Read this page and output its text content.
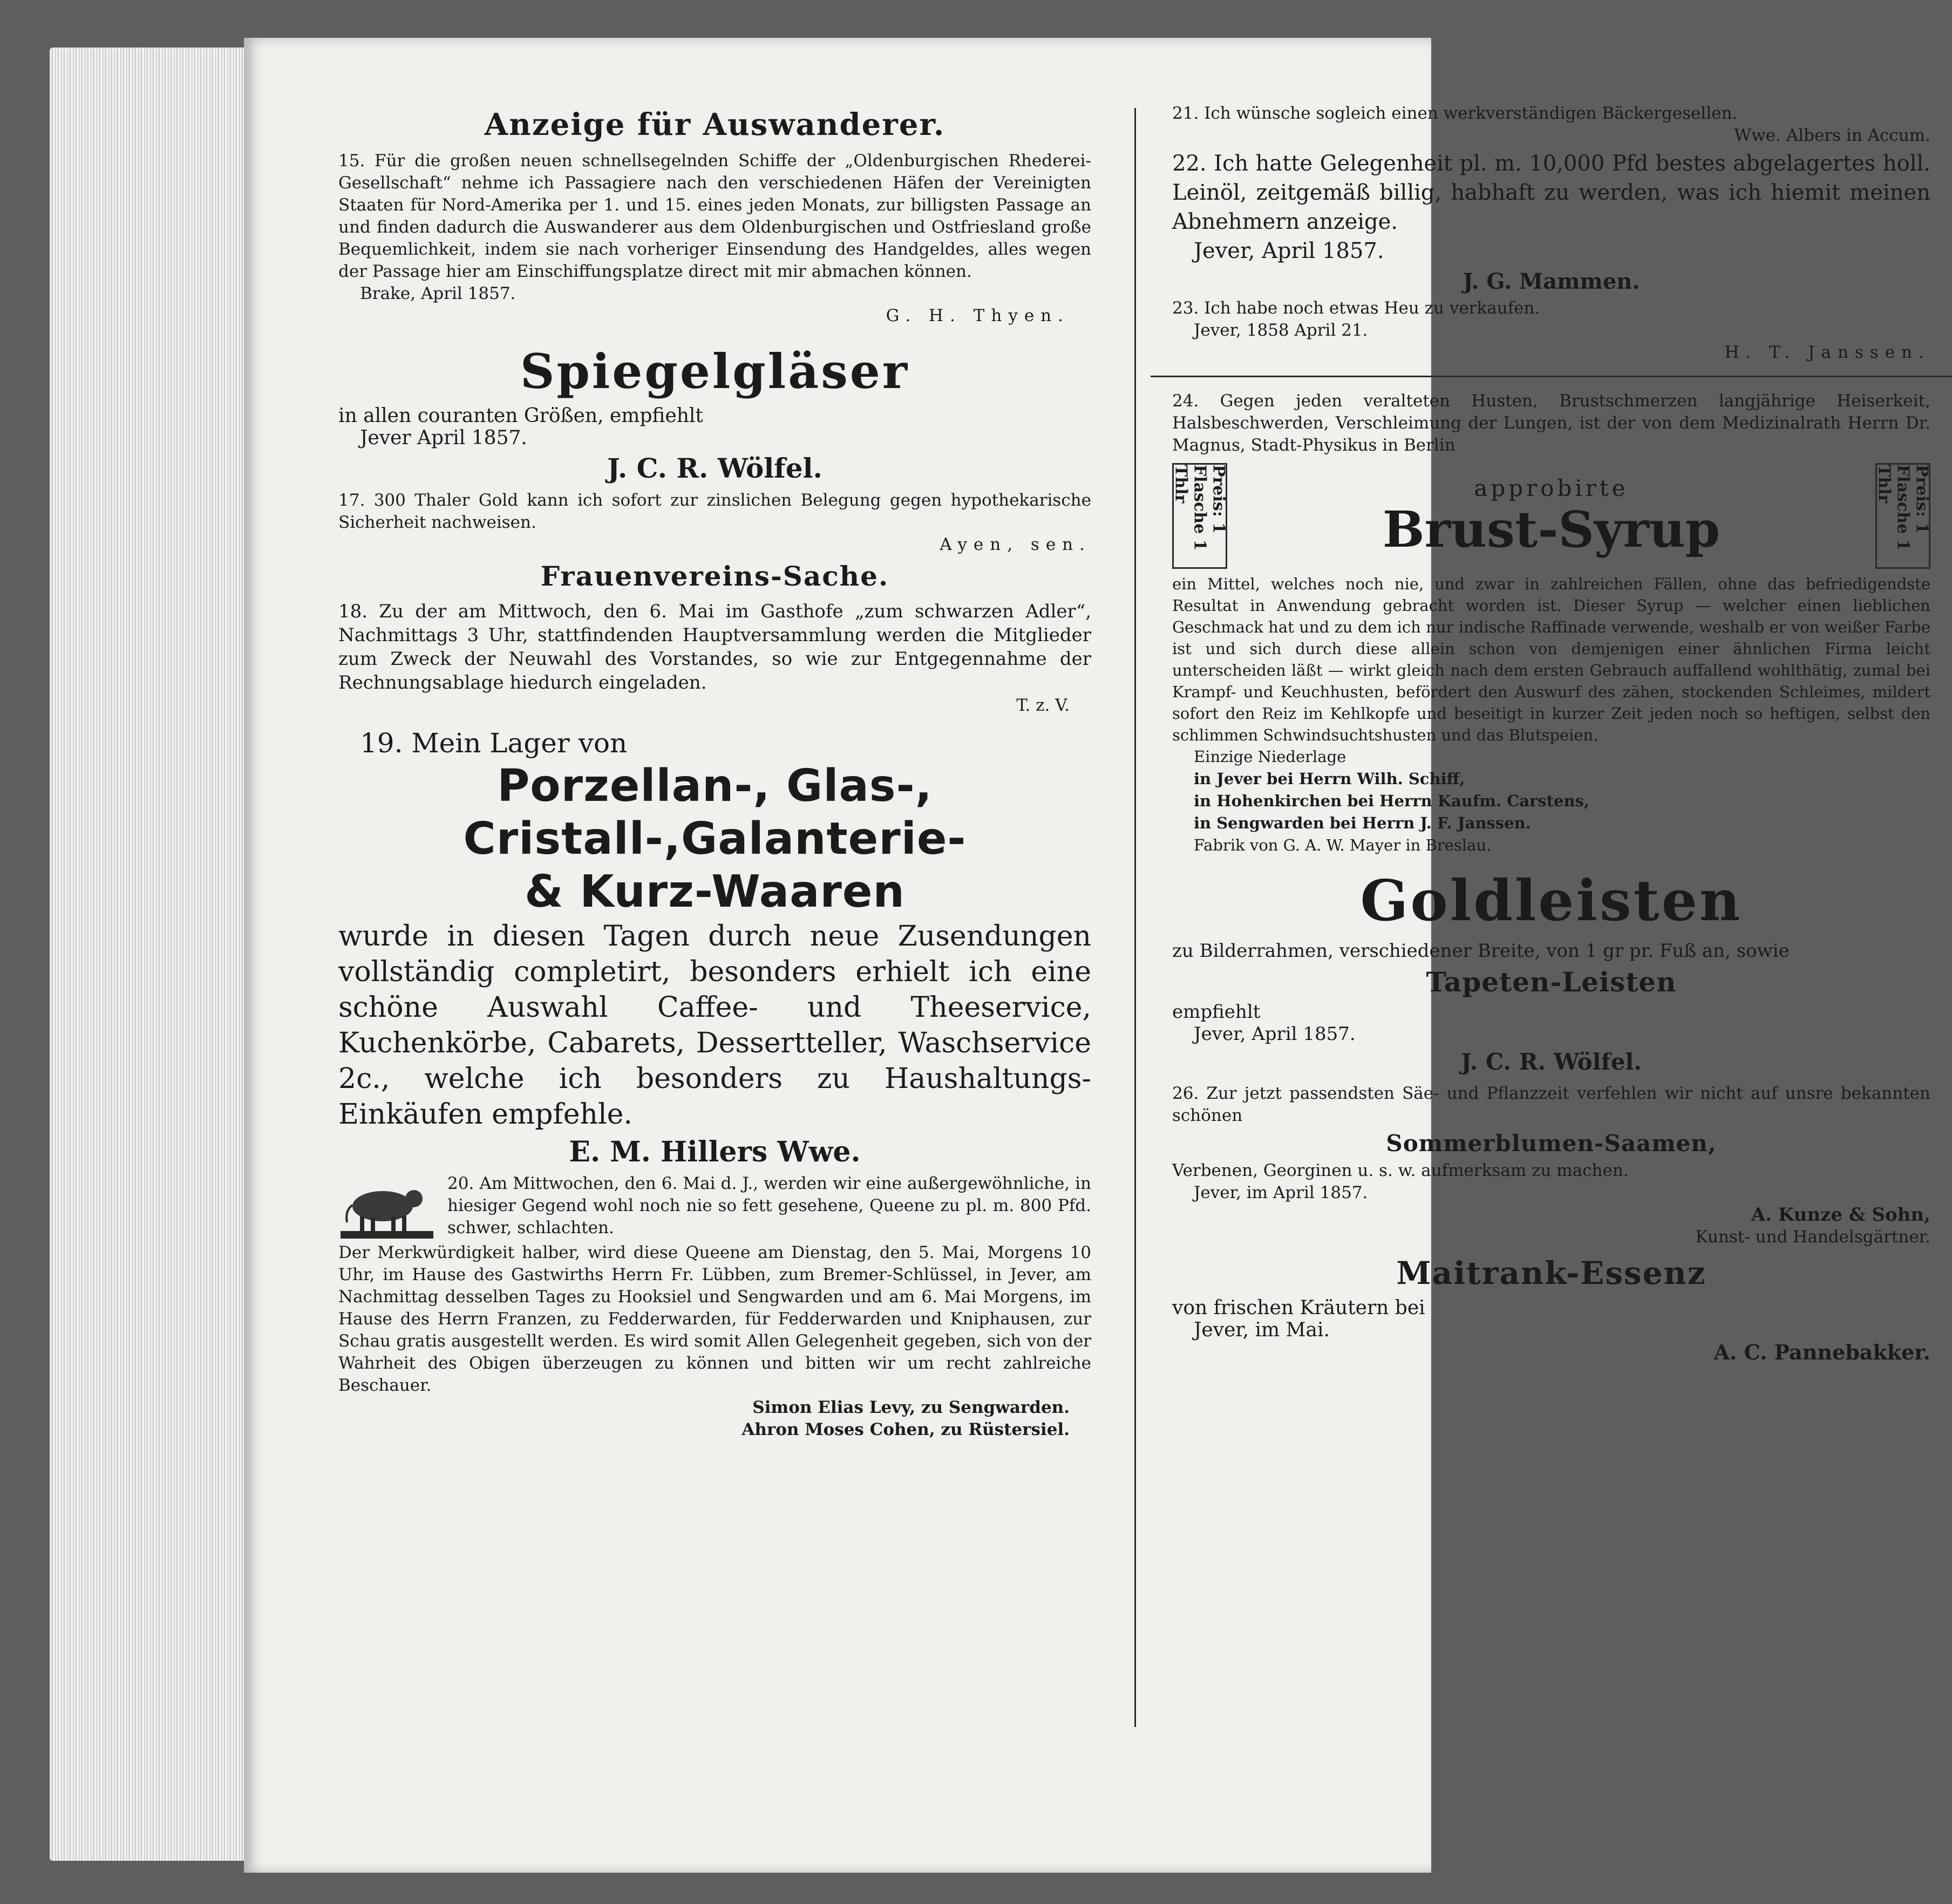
Anzeige für Auswanderer.

15. Für die großen neuen schnellsegelnden Schiffe der „Oldenburgischen Rhederei-Gesellschaft“ nehme ich Passagiere nach den verschiedenen Häfen der Vereinigten Staaten für Nord-Amerika per 1. und 15. eines jeden Monats, zur billigsten Passage an und finden dadurch die Auswanderer aus dem Oldenburgischen und Ostfriesland große Bequemlichkeit, indem sie nach vorheriger Einsendung des Handgeldes, alles wegen der Passage hier am Einschiffungsplatze direct mit mir abmachen können.

Brake, April 1857.

G. H. Thyen.

Spiegelgläser

in allen couranten Größen, empfiehlt

Jever April 1857.

J. C. R. Wölfel.

17. 300 Thaler Gold kann ich sofort zur zinslichen Belegung gegen hypothekarische Sicherheit nachweisen.

Ayen, sen.

Frauenvereins-Sache.

18. Zu der am Mittwoch, den 6. Mai im Gasthofe „zum schwarzen Adler“, Nachmittags 3 Uhr, stattfindenden Hauptversammlung werden die Mitglieder zum Zweck der Neuwahl des Vorstandes, so wie zur Entgegennahme der Rechnungsablage hiedurch eingeladen.

T. z. V.

19. Mein Lager von

Porzellan-, Glas-,
Cristall-,Galanterie-
& Kurz-Waaren

wurde in diesen Tagen durch neue Zusendungen vollständig completirt, besonders erhielt ich eine schöne Auswahl Caffee- und Theeservice, Kuchenkörbe, Cabarets, Dessertteller, Waschservice 2c., welche ich besonders zu Haushaltungs-Einkäufen empfehle.

E. M. Hillers Wwe.

20. Am Mittwochen, den 6. Mai d. J., werden wir eine außergewöhnliche, in hiesiger Gegend wohl noch nie so fett gesehene, Queene zu pl. m. 800 Pfd. schwer, schlachten.

Der Merkwürdigkeit halber, wird diese Queene am Dienstag, den 5. Mai, Morgens 10 Uhr, im Hause des Gastwirths Herrn Fr. Lübben, zum Bremer-Schlüssel, in Jever, am Nachmittag desselben Tages zu Hooksiel und Sengwarden und am 6. Mai Morgens, im Hause des Herrn Franzen, zu Fedderwarden, für Fedderwarden und Kniphausen, zur Schau gratis ausgestellt werden. Es wird somit Allen Gelegenheit gegeben, sich von der Wahrheit des Obigen überzeugen zu können und bitten wir um recht zahlreiche Beschauer.

Simon Elias Levy, zu Sengwarden.

Ahron Moses Cohen, zu Rüstersiel.

21. Ich wünsche sogleich einen werkverständigen Bäckergesellen.

Wwe. Albers in Accum.

22. Ich hatte Gelegenheit pl. m. 10,000 Pfd bestes abgelagertes holl. Leinöl, zeitgemäß billig, habhaft zu werden, was ich hiemit meinen Abnehmern anzeige.

Jever, April 1857.

J. G. Mammen.

23. Ich habe noch etwas Heu zu verkaufen.

Jever, 1858 April 21.

H. T. Janssen.

24. Gegen jeden veralteten Husten, Brustschmerzen langjährige Heiserkeit, Halsbeschwerden, Verschleimung der Lungen, ist der von dem Medizinalrath Herrn Dr. Magnus, Stadt-Physikus in Berlin

Preis: 1 Flasche 1 Thlr	approbirte
Brust-Syrup	Preis: 1 Flasche 1 Thlr

ein Mittel, welches noch nie, und zwar in zahlreichen Fällen, ohne das befriedigendste Resultat in Anwendung gebracht worden ist. Dieser Syrup — welcher einen lieblichen Geschmack hat und zu dem ich nur indische Raffinade verwende, weshalb er von weißer Farbe ist und sich durch diese allein schon von demjenigen einer ähnlichen Firma leicht unterscheiden läßt — wirkt gleich nach dem ersten Gebrauch auffallend wohlthätig, zumal bei Krampf- und Keuchhusten, befördert den Auswurf des zähen, stockenden Schleimes, mildert sofort den Reiz im Kehlkopfe und beseitigt in kurzer Zeit jeden noch so heftigen, selbst den schlimmen Schwindsuchtshusten und das Blutspeien.

Einzige Niederlage

in Jever bei Herrn Wilh. Schiff,

in Hohenkirchen bei Herrn Kaufm. Carstens,

in Sengwarden bei Herrn J. F. Janssen.

Fabrik von G. A. W. Mayer in Breslau.

Goldleisten

zu Bilderrahmen, verschiedener Breite, von 1 gr pr. Fuß an, sowie

Tapeten-Leisten

empfiehlt

Jever, April 1857.

J. C. R. Wölfel.

26. Zur jetzt passendsten Säe- und Pflanzzeit verfehlen wir nicht auf unsre bekannten schönen

Sommerblumen-Saamen,

Verbenen, Georginen u. s. w. aufmerksam zu machen.

Jever, im April 1857.

A. Kunze & Sohn,

Kunst- und Handelsgärtner.

Maitrank-Essenz

von frischen Kräutern bei

Jever, im Mai.

A. C. Pannebakker.
